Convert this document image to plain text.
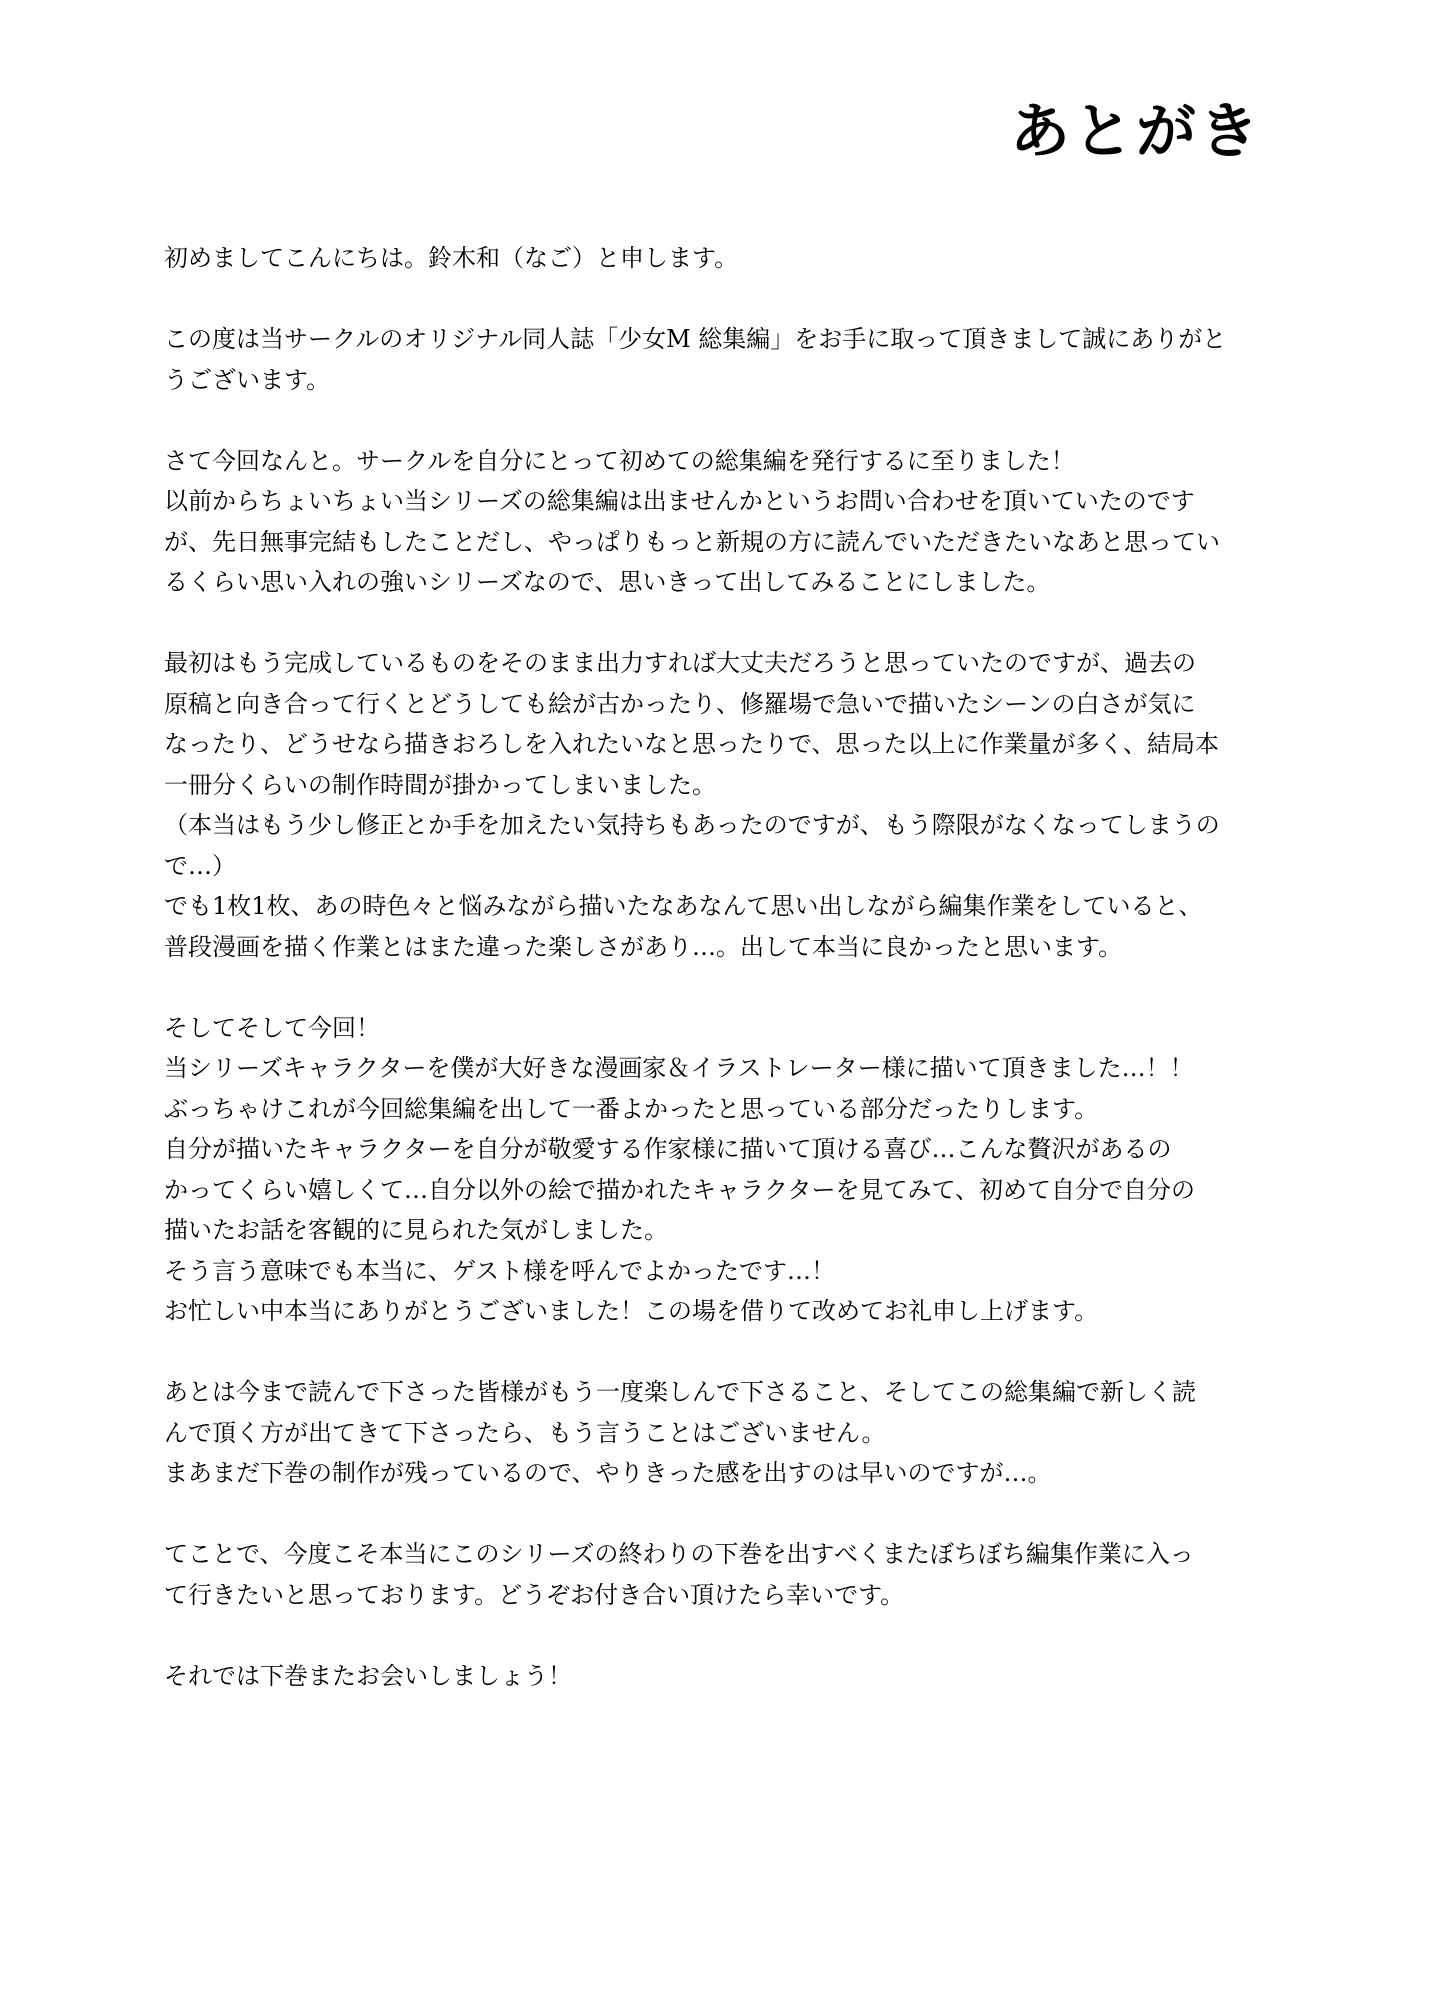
あとがき
初めましてこんにちは。鈴木和（なご）と申します。
この度は当サークルのオリジナル同人誌「少女M 総集編」をお手に取って頂きまして誠にありがと
うございます。
さて今回なんと。サークルを自分にとって初めての総集編を発行するに至りました！
以前からちょいちょい当シリーズの総集編は出ませんかというお問い合わせを頂いていたのです
が、先日無事完結もしたことだし、やっぱりもっと新規の方に読んでいただきたいなあと思ってい
るくらい思い入れの強いシリーズなので、思いきって出してみることにしました。
最初はもう完成しているものをそのまま出力すれば大丈夫だろうと思っていたのですが、過去の
原稿と向き合って行くとどうしても絵が古かったり、修羅場で急いで描いたシーンの白さが気に
なったり、どうせなら描きおろしを入れたいなと思ったりで、思った以上に作業量が多く、結局本
一冊分くらいの制作時間が掛かってしまいました。
（本当はもう少し修正とか手を加えたい気持ちもあったのですが、もう際限がなくなってしまうの
で…）
でも1枚1枚、あの時色々と悩みながら描いたなあなんて思い出しながら編集作業をしていると、
普段漫画を描く作業とはまた違った楽しさがあり…。出して本当に良かったと思います。
そしてそして今回！
当シリーズキャラクターを僕が大好きな漫画家＆イラストレーター様に描いて頂きました…！！
ぶっちゃけこれが今回総集編を出して一番よかったと思っている部分だったりします。
自分が描いたキャラクターを自分が敬愛する作家様に描いて頂ける喜び…こんな贅沢があるの
かってくらい嬉しくて…自分以外の絵で描かれたキャラクターを見てみて、初めて自分で自分の
描いたお話を客観的に見られた気がしました。
そう言う意味でも本当に、ゲスト様を呼んでよかったです…！
お忙しい中本当にありがとうございました！この場を借りて改めてお礼申し上げます。
あとは今まで読んで下さった皆様がもう一度楽しんで下さること、そしてこの総集編で新しく読
んで頂く方が出てきて下さったら、もう言うことはございません。
まあまだ下巻の制作が残っているので、やりきった感を出すのは早いのですが…。
てことで、今度こそ本当にこのシリーズの終わりの下巻を出すべくまたぼちぼち編集作業に入っ
て行きたいと思っております。どうぞお付き合い頂けたら幸いです。
それでは下巻またお会いしましょう！
